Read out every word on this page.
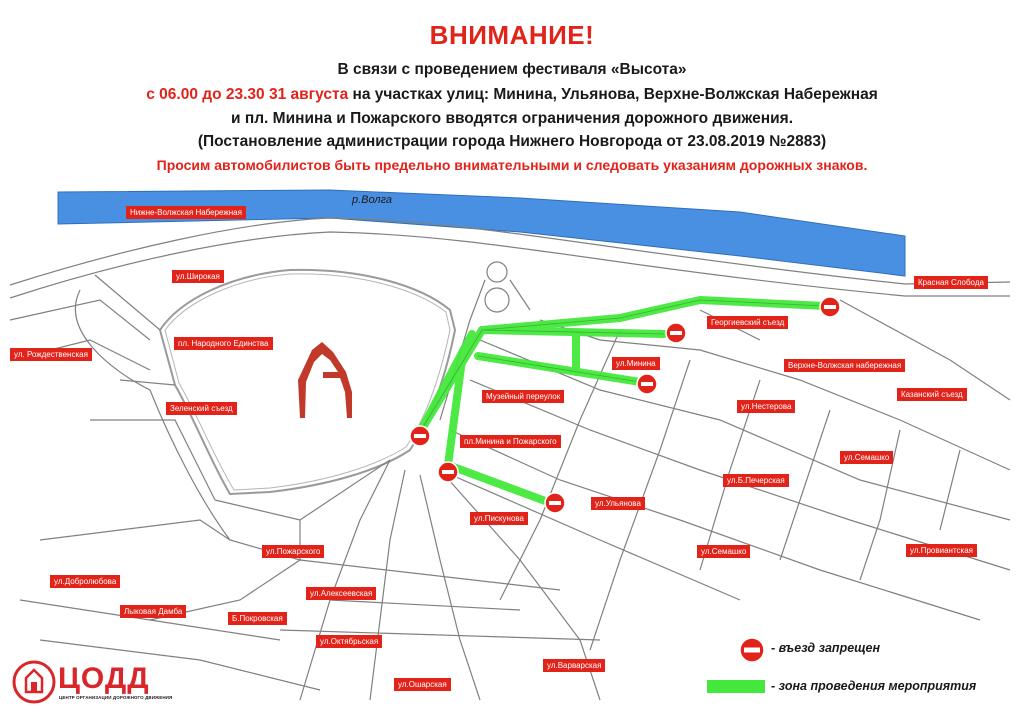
ВНИМАНИЕ!
В связи с проведением фестиваля «Высота»
с 06.00 до 23.30 31 августа на участках улиц: Минина, Ульянова, Верхне-Волжская Набережная
и пл. Минина и Пожарского вводятся ограничения дорожного движения.
(Постановление администрации города Нижнего Новгорода от 23.08.2019 №2883)
Просим автомобилистов быть предельно внимательными и следовать указаниям дорожных знаков.
р.Волга
Нижне-Волжская Набережная
ул.Широкая
пл. Народного Единства
ул. Рождественская
Зеленский съезд
пл.Минина и Пожарского
Музейный переулок
ул.Минина
Георгиевский съезд
Красная Слобода
Верхне-Волжская набережная
Казанский съезд
ул.Нестерова
ул.Семашко
ул.Б.Печерская
ул.Ульянова
ул.Пискунова
ул.Семашко	ул.Провиантская
ул.Пожарского
ул.Добролюбова
ул.Алексеевская
Лыковая Дамба
Б.Покровская
ул.Октябрьская
ул.Варварская
ул.Ошарская
- въезд запрещен
- зона проведения мероприятия
ЦОДД
ЦЕНТР ОРГАНИЗАЦИИ ДОРОЖНОГО ДВИЖЕНИЯ
